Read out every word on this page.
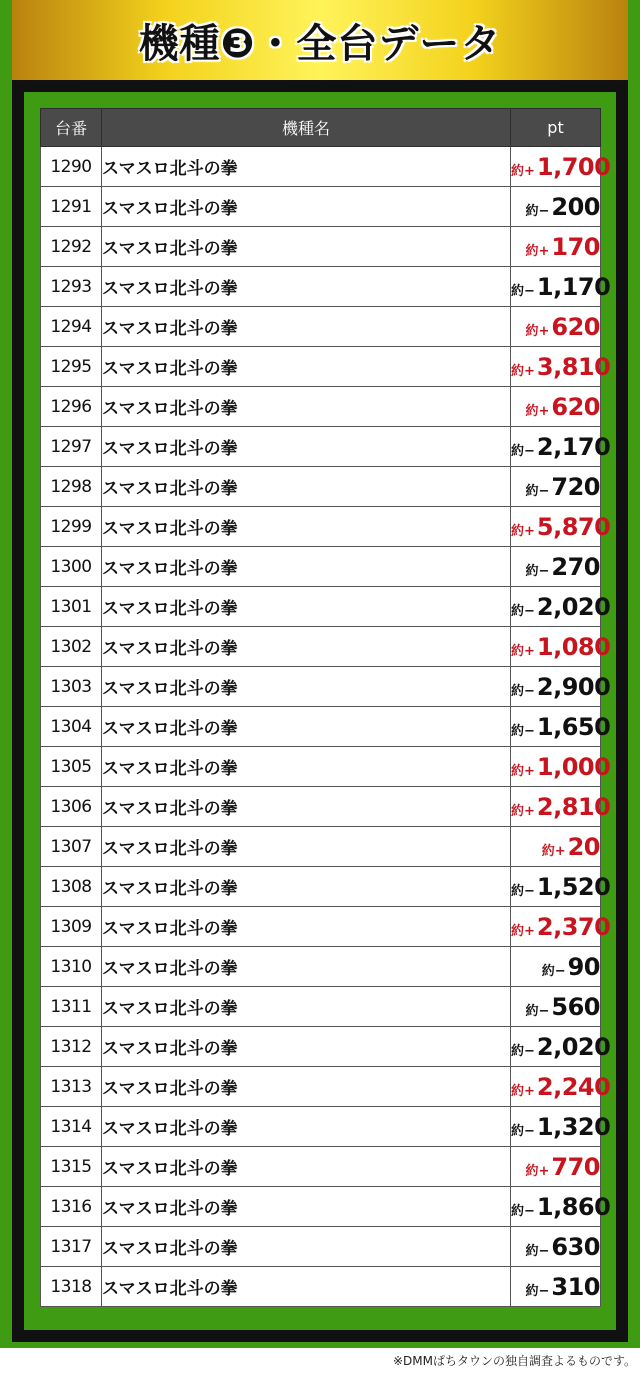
機種❸・全台データ
台番	機種名	pt
1290	スマスロ北斗の拳	約+1,700
1291	スマスロ北斗の拳	約−200
1292	スマスロ北斗の拳	約+170
1293	スマスロ北斗の拳	約−1,170
1294	スマスロ北斗の拳	約+620
1295	スマスロ北斗の拳	約+3,810
1296	スマスロ北斗の拳	約+620
1297	スマスロ北斗の拳	約−2,170
1298	スマスロ北斗の拳	約−720
1299	スマスロ北斗の拳	約+5,870
1300	スマスロ北斗の拳	約−270
1301	スマスロ北斗の拳	約−2,020
1302	スマスロ北斗の拳	約+1,080
1303	スマスロ北斗の拳	約−2,900
1304	スマスロ北斗の拳	約−1,650
1305	スマスロ北斗の拳	約+1,000
1306	スマスロ北斗の拳	約+2,810
1307	スマスロ北斗の拳	約+20
1308	スマスロ北斗の拳	約−1,520
1309	スマスロ北斗の拳	約+2,370
1310	スマスロ北斗の拳	約−90
1311	スマスロ北斗の拳	約−560
1312	スマスロ北斗の拳	約−2,020
1313	スマスロ北斗の拳	約+2,240
1314	スマスロ北斗の拳	約−1,320
1315	スマスロ北斗の拳	約+770
1316	スマスロ北斗の拳	約−1,860
1317	スマスロ北斗の拳	約−630
1318	スマスロ北斗の拳	約−310
※DMMぱちタウンの独自調査よるものです。
